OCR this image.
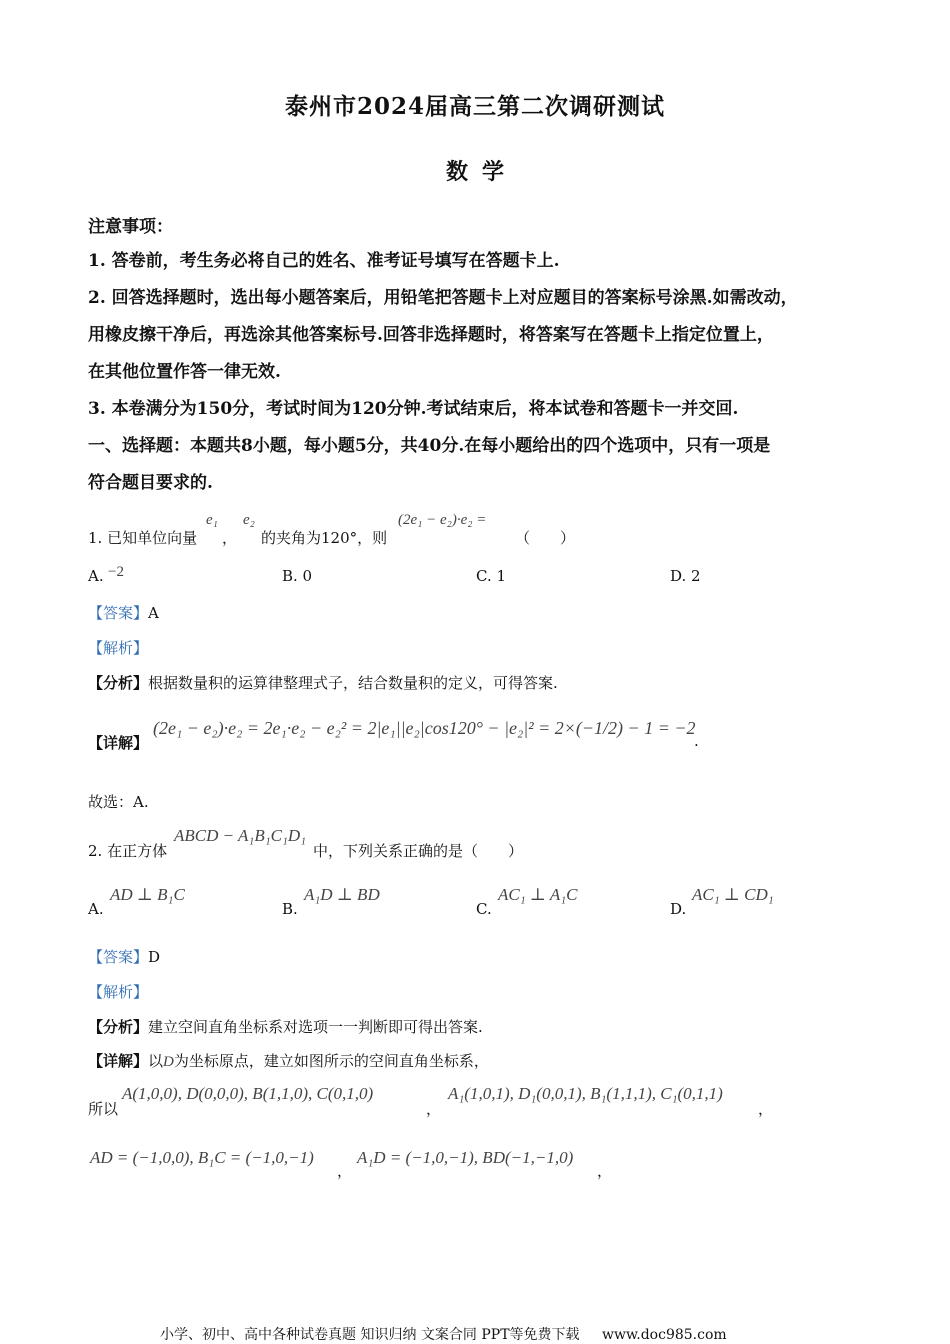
泰州市2024届高三第二次调研测试
数学
注意事项：
1. 答卷前，考生务必将自己的姓名、准考证号填写在答题卡上.
2. 回答选择题时，选出每小题答案后，用铅笔把答题卡上对应题目的答案标号涂黑.如需改动，
用橡皮擦干净后，再选涂其他答案标号.回答非选择题时，将答案写在答题卡上指定位置上，
在其他位置作答一律无效.
3. 本卷满分为150分，考试时间为120分钟.考试结束后，将本试卷和答题卡一并交回.
一、选择题：本题共8小题，每小题5分，共40分.在每小题给出的四个选项中，只有一项是
符合题目要求的.
1. 已知单位向量
e₁
，
e₂
的夹角为120°，则
(2e₁ − e₂)·e₂ =
（　　）
A. −2	B. 0	C. 1	D. 2
【答案】A
【解析】
【分析】根据数量积的运算律整理式子，结合数量积的定义，可得答案.
【详解】
(2e₁ − e₂)·e₂ = 2e₁·e₂ − e₂² = 2|e₁||e₂|cos120° − |e₂|² = 2×(−1/2) − 1 = −2
.
故选：A.
2. 在正方体
ABCD − A₁B₁C₁D₁
中，下列关系正确的是（　　）
A.
AD ⊥ B₁C
B.
A₁D ⊥ BD
C.
AC₁ ⊥ A₁C
D.
AC₁ ⊥ CD₁
【答案】D
【解析】
【分析】建立空间直角坐标系对选项一一判断即可得出答案.
【详解】以D为坐标原点，建立如图所示的空间直角坐标系，
所以
A(1,0,0), D(0,0,0), B(1,1,0), C(0,1,0)
，
A₁(1,0,1), D₁(0,0,1), B₁(1,1,1), C₁(0,1,1)
，
AD = (−1,0,0), B₁C = (−1,0,−1)
，
A₁D = (−1,0,−1), BD(−1,−1,0)
，
小学、初中、高中各种试卷真题 知识归纳 文案合同 PPT等免费下载 www.doc985.com
